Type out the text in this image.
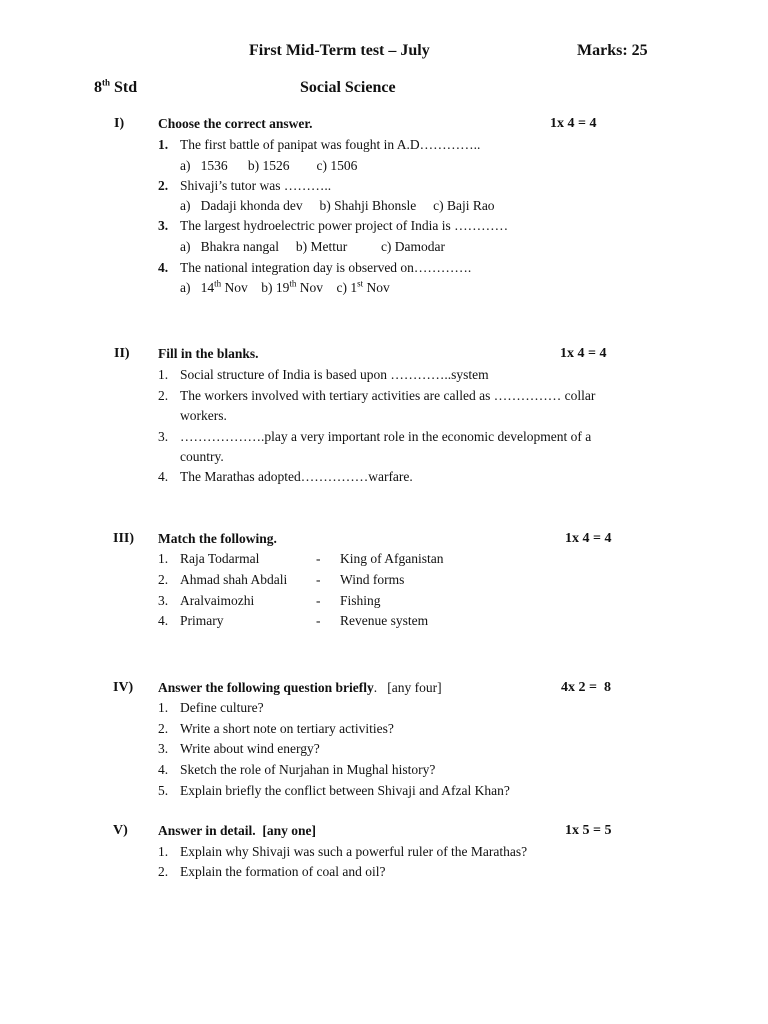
First Mid-Term test – July	Marks: 25
8th Std	Social Science
I)	Choose the correct answer.	1x 4 = 4
1. The first battle of panipat was fought in A.D…………..
a)   1536      b) 1526        c) 1506
2. Shivaji’s tutor was ………..
a)   Dadaji khonda dev     b) Shahji Bhonsle     c) Baji Rao
3. The largest hydroelectric power project of India is …………
a)   Bhakra nangal     b) Mettur          c) Damodar
4. The national integration day is observed on………….
a)   14th Nov    b) 19th Nov    c) 1st Nov
II) Fill in the blanks.	1x 4 = 4
1. Social structure of India is based upon …………..system
2. The workers involved with tertiary activities are called as …………… collar
workers.
3. ……………….play a very important role in the economic development of a
country.
4. The Marathas adopted……………warfare.
III) Match the following.	1x 4 = 4
1. Raja Todarmal	- King of Afganistan
2. Ahmad shah Abdali - Wind forms
3. Aralvaimozhi	- Fishing
4. Primary	- Revenue system
IV) Answer the following question briefly.   [any four]	4x 2 =  8
1. Define culture?
2. Write a short note on tertiary activities?
3. Write about wind energy?
4. Sketch the role of Nurjahan in Mughal history?
5. Explain briefly the conflict between Shivaji and Afzal Khan?
V) Answer in detail.  [any one]	1x 5 = 5
1. Explain why Shivaji was such a powerful ruler of the Marathas?
2. Explain the formation of coal and oil?
